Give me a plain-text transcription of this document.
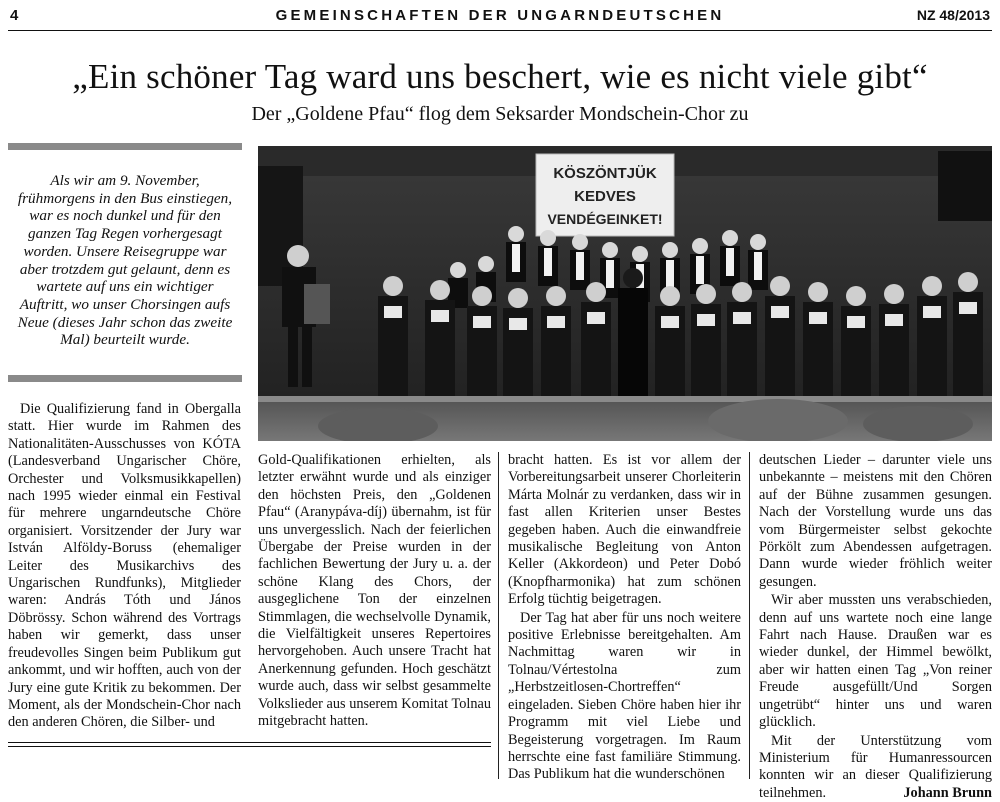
4	GEMEINSCHAFTEN DER UNGARNDEUTSCHEN	NZ 48/2013
„Ein schöner Tag ward uns beschert, wie es nicht viele gibt“
Der „Goldene Pfau“ flog dem Seksarder Mondschein-Chor zu
Als wir am 9. November, frühmorgens in den Bus einstiegen, war es noch dunkel und für den ganzen Tag Regen vorhergesagt worden. Unsere Reisegruppe war aber trotzdem gut gelaunt, denn es wartete auf uns ein wichtiger Auftritt, wo unser Chorsingen aufs Neue (dieses Jahr schon das zweite Mal) beurteilt wurde.
KÖSZÖNTJÜK
KEDVES
VENDÉGEINKET!

Die Qualifizierung fand in Obergalla statt. Hier wurde im Rahmen des Nationalitäten-Ausschusses von KÓTA (Landesverband Ungarischer Chöre, Orchester und Volksmusikkapellen) nach 1995 wieder einmal ein Festival für mehrere ungarndeutsche Chöre organisiert. Vorsitzender der Jury war István Alföldy-Boruss (ehemaliger Leiter des Musikarchivs des Ungarischen Rundfunks), Mitglieder waren: András Tóth und János Döbrössy. Schon während des Vortrags haben wir gemerkt, dass unser freudevolles Singen beim Publikum gut ankommt, und wir hofften, auch von der Jury eine gute Kritik zu bekommen. Der Moment, als der Mondschein-Chor nach den anderen Chören, die Silber- und

Gold-Qualifikationen erhielten, als letzter erwähnt wurde und als einziger den höchsten Preis, den „Goldenen Pfau“ (Aranypáva-díj) übernahm, ist für uns unvergesslich. Nach der feierlichen Übergabe der Preise wurden in der fachlichen Bewertung der Jury u. a. der schöne Klang des Chors, der ausgeglichene Ton der einzelnen Stimmlagen, die wechselvolle Dynamik, die Vielfältigkeit unseres Repertoires hervorgehoben. Auch unsere Tracht hat Anerkennung gefunden. Hoch geschätzt wurde auch, dass wir selbst gesammelte Volkslieder aus unserem Komitat Tolnau mitgebracht hatten.

bracht hatten. Es ist vor allem der Vorbereitungsarbeit unserer Chorleiterin Márta Molnár zu verdanken, dass wir in fast allen Kriterien unser Bestes gegeben haben. Auch die einwandfreie musikalische Begleitung von Anton Keller (Akkordeon) und Peter Dobó (Knopfharmonika) hat zum schönen Erfolg tüchtig beigetragen.

Der Tag hat aber für uns noch weitere positive Erlebnisse bereitgehalten. Am Nachmittag waren wir in Tolnau/Vértestolna zum „Herbstzeitlosen-Chortreffen“ eingeladen. Sieben Chöre haben hier ihr Programm mit viel Liebe und Begeisterung vorgetragen. Im Raum herrschte eine fast familiäre Stimmung. Das Publikum hat die wunderschönen

deutschen Lieder – darunter viele uns unbekannte – meistens mit den Chören auf der Bühne zusammen gesungen. Nach der Vorstellung wurde uns das vom Bürgermeister selbst gekochte Pörkölt zum Abendessen aufgetragen. Dann wurde wieder fröhlich weiter gesungen.

Wir aber mussten uns verabschieden, denn auf uns wartete noch eine lange Fahrt nach Hause. Draußen war es wieder dunkel, der Himmel bewölkt, aber wir hatten einen Tag „Von reiner Freude ausgefüllt/Und Sorgen ungetrübt“ hinter uns und waren glücklich.

Mit der Unterstützung vom Ministerium für Humanressourcen konnten wir an dieser Qualifizierung teilnehmen.	Johann Brunn
